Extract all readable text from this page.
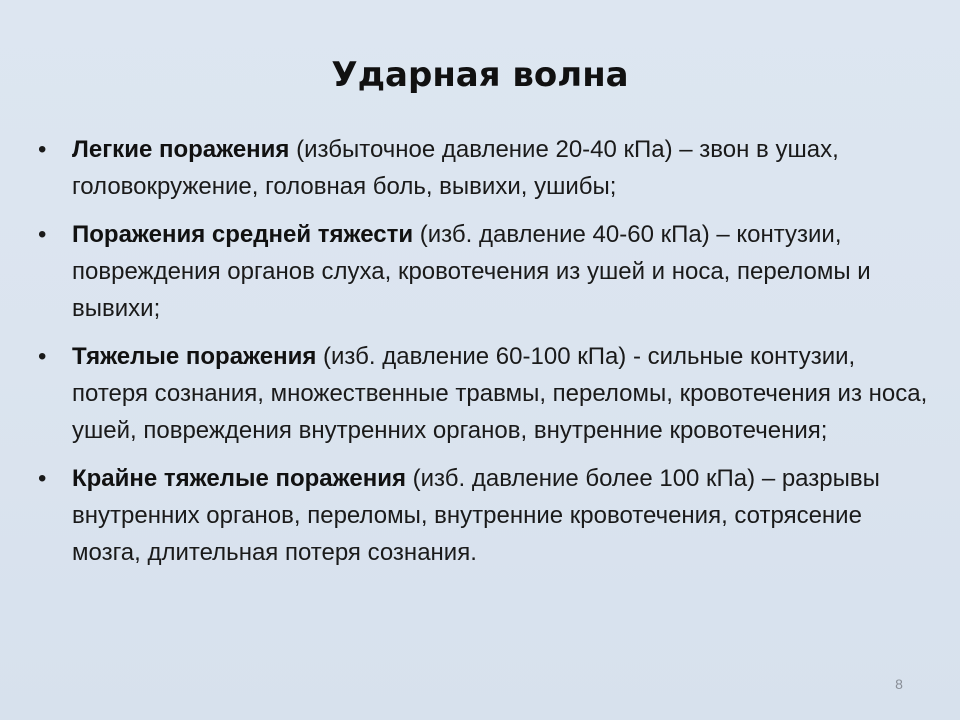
Ударная волна
•	Легкие поражения (избыточное давление 20-40 кПа) – звон в ушах, головокружение, головная боль, вывихи, ушибы;
•	Поражения средней тяжести (изб. давление 40-60 кПа) – контузии, повреждения органов слуха, кровотечения из ушей и носа, переломы и вывихи;
•	Тяжелые поражения (изб. давление 60-100 кПа) - сильные контузии, потеря сознания, множественные травмы, переломы, кровотечения из носа, ушей, повреждения внутренних органов, внутренние кровотечения;
•	Крайне тяжелые поражения (изб. давление более 100 кПа) – разрывы внутренних органов, переломы, внутренние кровотечения, сотрясение мозга, длительная потеря сознания.
8
